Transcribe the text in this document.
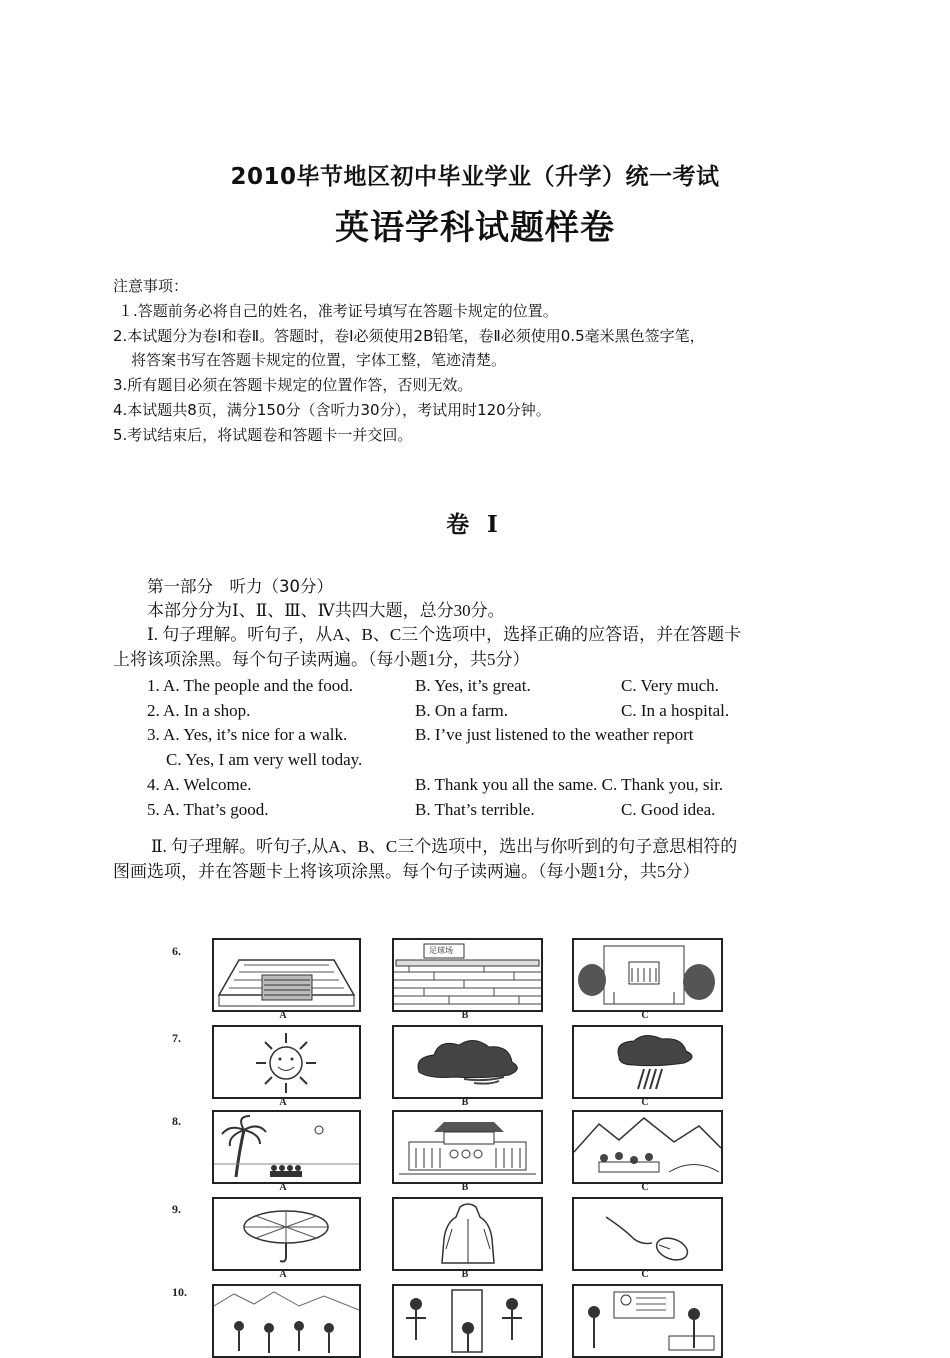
2010毕节地区初中毕业学业（升学）统一考试
英语学科试题样卷
注意事项：
１.答题前务必将自己的姓名，准考证号填写在答题卡规定的位置。
2.本试题分为卷Ⅰ和卷Ⅱ。答题时，卷Ⅰ必须使用2B铅笔，卷Ⅱ必须使用0.5毫米黑色签字笔，
将答案书写在答题卡规定的位置，字体工整，笔迹清楚。
3.所有题目必须在答题卡规定的位置作答，否则无效。
4.本试题共8页，满分150分（含听力30分），考试用时120分钟。
5.考试结束后，将试题卷和答题卡一并交回。
卷 Ⅰ
第一部分　听力（30分）
本部分分为Ⅰ、Ⅱ、Ⅲ、Ⅳ共四大题，总分30分。
Ⅰ. 句子理解。听句子，从A、B、C三个选项中，选择正确的应答语，并在答题卡
上将该项涂黑。每个句子读两遍。（每小题1分，共5分）
1. A. The people and the food.	B. Yes, it’s great.	C. Very much.
2. A. In a shop.	B. On a farm.	C. In a hospital.
3. A. Yes, it’s nice for a walk.	B. I’ve just listened to the weather report
C. Yes, I am very well today.
4. A. Welcome.	B. Thank you all the same. C. Thank you, sir.
5. A. That’s good.	B. That’s terrible.	C. Good idea.
Ⅱ. 句子理解。听句子,从A、B、C三个选项中，选出与你听到的句子意思相符的
图画选项，并在答题卡上将该项涂黑。每个句子读两遍。（每小题1分，共5分）
6.	足球场
A	B	C
7.
A	B	C
8.
A	B	C
9.
A	B	C
10.
